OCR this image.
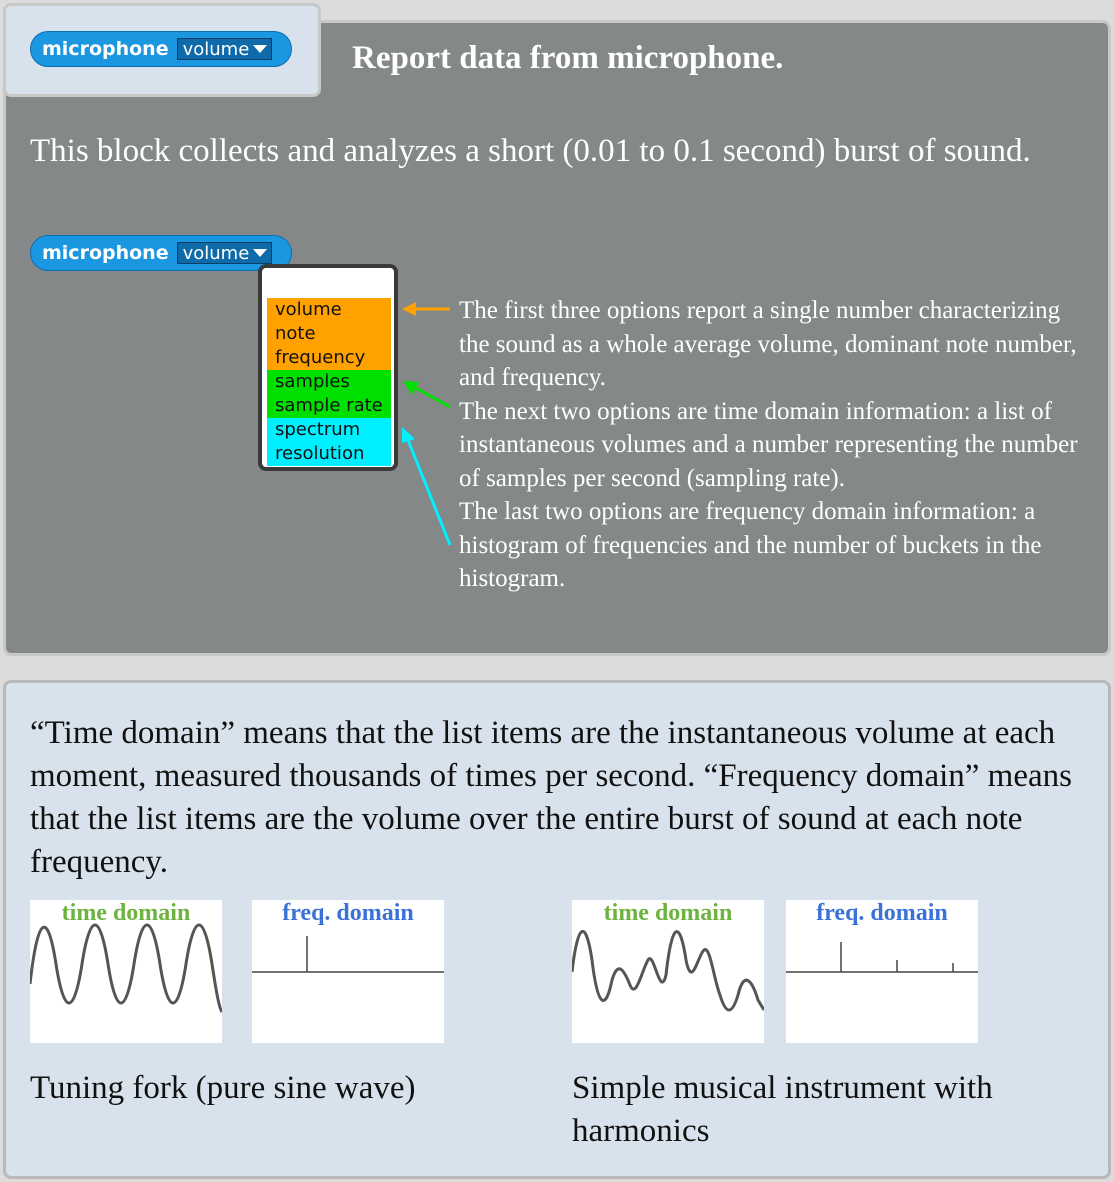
microphone volume	Report data from microphone.
This block collects and analyzes a short (0.01 to 0.1 second) burst of sound.
microphone volume
volume
note
frequency
samples
sample rate
spectrum
resolution

The first three options report a single number characterizing the sound as a whole average volume, dominant note number, and frequency.

The next two options are time domain information: a list of instantaneous volumes and a number representing the number of samples per second (sampling rate).

The last two options are frequency domain information: a histogram of frequencies and the number of buckets in the histogram.

“Time domain” means that the list items are the instantaneous volume at each moment, measured thousands of times per second. “Frequency domain” means that the list items are the volume over the entire burst of sound at each note frequency.
time domain	freq. domain
Tuning fork (pure sine wave)
time domain	freq. domain
Simple musical instrument with harmonics
